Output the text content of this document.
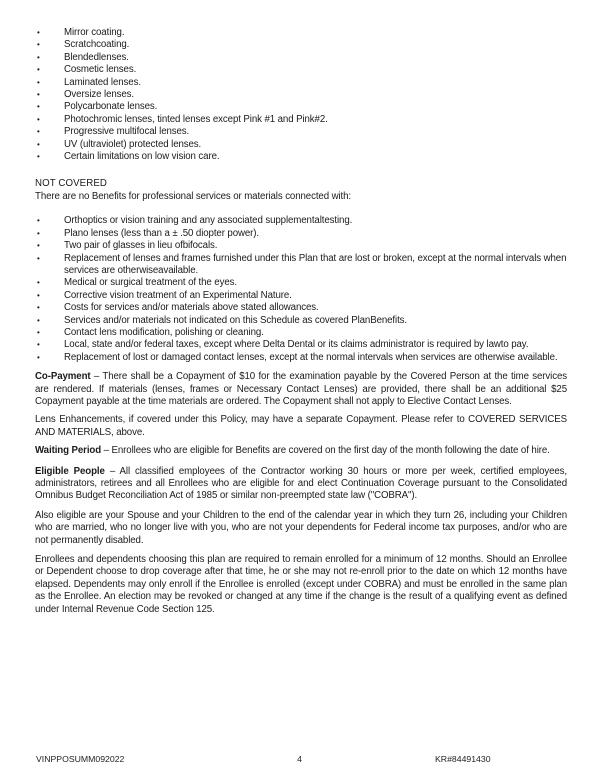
•	Mirror coating.
•	Scratchcoating.
•	Blendedlenses.
•	Cosmetic lenses.
•	Laminated lenses.
•	Oversize lenses.
•	Polycarbonate lenses.
•	Photochromic lenses, tinted lenses except Pink #1 and Pink#2.
•	Progressive multifocal lenses.
•	UV (ultraviolet) protected lenses.
•	Certain limitations on low vision care.
NOT COVERED

There are no Benefits for professional services or materials connected with:

•	Orthoptics or vision training and any associated supplementaltesting.
•	Plano lenses (less than a ± .50 diopter power).
•	Two pair of glasses in lieu ofbifocals.
•	Replacement of lenses and frames furnished under this Plan that are lost or broken, except at the normal intervals when services are otherwiseavailable.
•	Medical or surgical treatment of the eyes.
•	Corrective vision treatment of an Experimental Nature.
•	Costs for services and/or materials above stated allowances.
•	Services and/or materials not indicated on this Schedule as covered PlanBenefits.
•	Contact lens modification, polishing or cleaning.
•	Local, state and/or federal taxes, except where Delta Dental or its claims administrator is required by lawto pay.
•	Replacement of lost or damaged contact lenses, except at the normal intervals when services are otherwise available.

Co-Payment – There shall be a Copayment of $10 for the examination payable by the Covered Person at the time services are rendered. If materials (lenses, frames or Necessary Contact Lenses) are provided, there shall be an additional $25 Copayment payable at the time materials are ordered. The Copayment shall not apply to Elective Contact Lenses.

Lens Enhancements, if covered under this Policy, may have a separate Copayment. Please refer to COVERED SERVICES AND MATERIALS, above.

Waiting Period – Enrollees who are eligible for Benefits are covered on the first day of the month following the date of hire.

Eligible People – All classified employees of the Contractor working 30 hours or more per week, certified employees, administrators, retirees and all Enrollees who are eligible for and elect Continuation Coverage pursuant to the Consolidated Omnibus Budget Reconciliation Act of 1985 or similar non-preempted state law ("COBRA").

Also eligible are your Spouse and your Children to the end of the calendar year in which they turn 26, including your Children who are married, who no longer live with you, who are not your dependents for Federal income tax purposes, and/or who are not permanently disabled.

Enrollees and dependents choosing this plan are required to remain enrolled for a minimum of 12 months. Should an Enrollee or Dependent choose to drop coverage after that time, he or she may not re-enroll prior to the date on which 12 months have elapsed. Dependents may only enroll if the Enrollee is enrolled (except under COBRA) and must be enrolled in the same plan as the Enrollee. An election may be revoked or changed at any time if the change is the result of a qualifying event as defined under Internal Revenue Code Section 125.

VINPPOSUMM092022	4	KR#84491430
